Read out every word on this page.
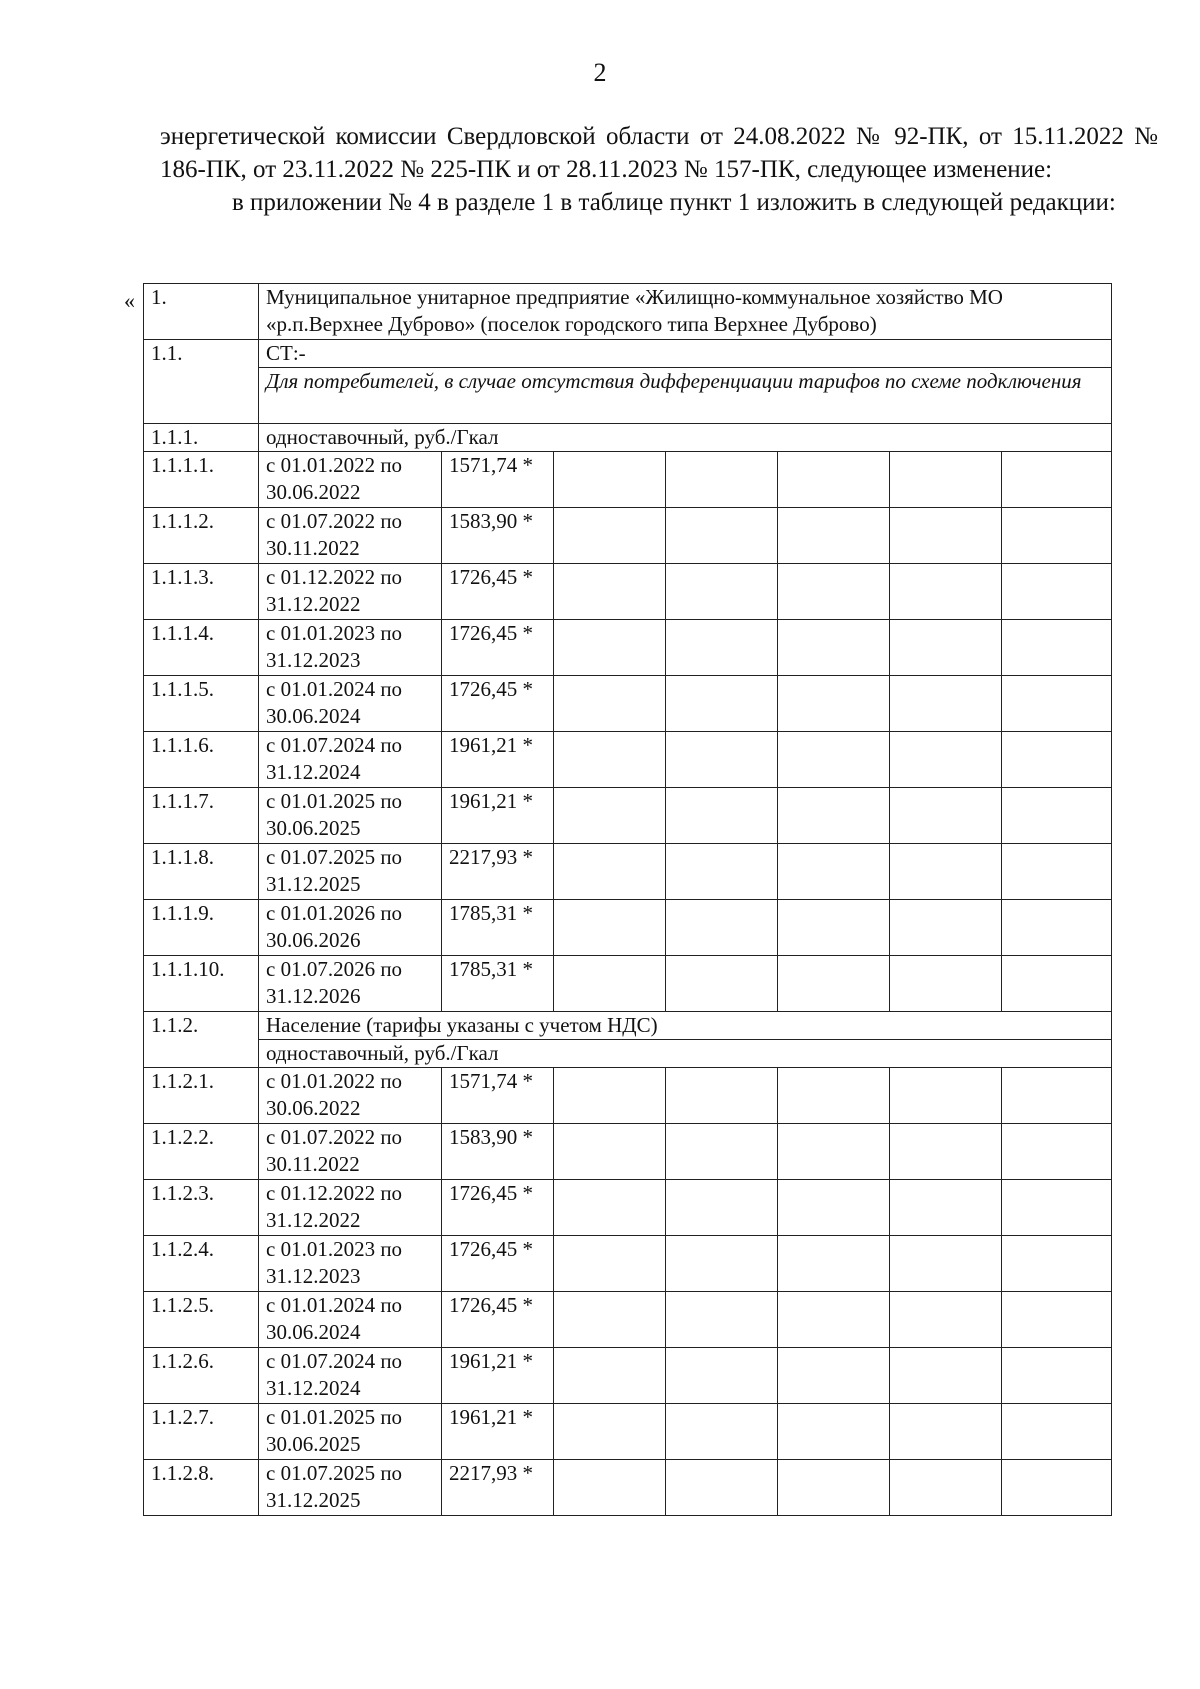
2

энергетической комиссии Свердловской области от 24.08.2022 № 92-ПК, от 15.11.2022 № 186-ПК, от 23.11.2022 № 225-ПК и от 28.11.2023 № 157-ПК, следующее изменение:

в приложении № 4 в разделе 1 в таблице пункт 1 изложить в следующей редакции:

« 1.	Муниципальное унитарное предприятие «Жилищно-коммунальное хозяйство МО «р.п.Верхнее Дуброво» (поселок городского типа Верхнее Дуброво)						
1.1.	СТ:-						
	Для потребителей, в случае отсутствия дифференциации тарифов по схеме подключения						
1.1.1.	одноставочный, руб./Гкал						
1.1.1.1.	с 01.01.2022 по 30.06.2022	1571,74 *					
1.1.1.2.	с 01.07.2022 по 30.11.2022	1583,90 *					
1.1.1.3.	с 01.12.2022 по 31.12.2022	1726,45 *					
1.1.1.4.	с 01.01.2023 по 31.12.2023	1726,45 *					
1.1.1.5.	с 01.01.2024 по 30.06.2024	1726,45 *					
1.1.1.6.	с 01.07.2024 по 31.12.2024	1961,21 *					
1.1.1.7.	с 01.01.2025 по 30.06.2025	1961,21 *					
1.1.1.8.	с 01.07.2025 по 31.12.2025	2217,93 *					
1.1.1.9.	с 01.01.2026 по 30.06.2026	1785,31 *					
1.1.1.10.	с 01.07.2026 по 31.12.2026	1785,31 *					
1.1.2.	Население (тарифы указаны с учетом НДС)						
	одноставочный, руб./Гкал						
1.1.2.1.	с 01.01.2022 по 30.06.2022	1571,74 *					
1.1.2.2.	с 01.07.2022 по 30.11.2022	1583,90 *					
1.1.2.3.	с 01.12.2022 по 31.12.2022	1726,45 *					
1.1.2.4.	с 01.01.2023 по 31.12.2023	1726,45 *					
1.1.2.5.	с 01.01.2024 по 30.06.2024	1726,45 *					
1.1.2.6.	с 01.07.2024 по 31.12.2024	1961,21 *					
1.1.2.7.	с 01.01.2025 по 30.06.2025	1961,21 *					
1.1.2.8.	с 01.07.2025 по 31.12.2025	2217,93 *					
